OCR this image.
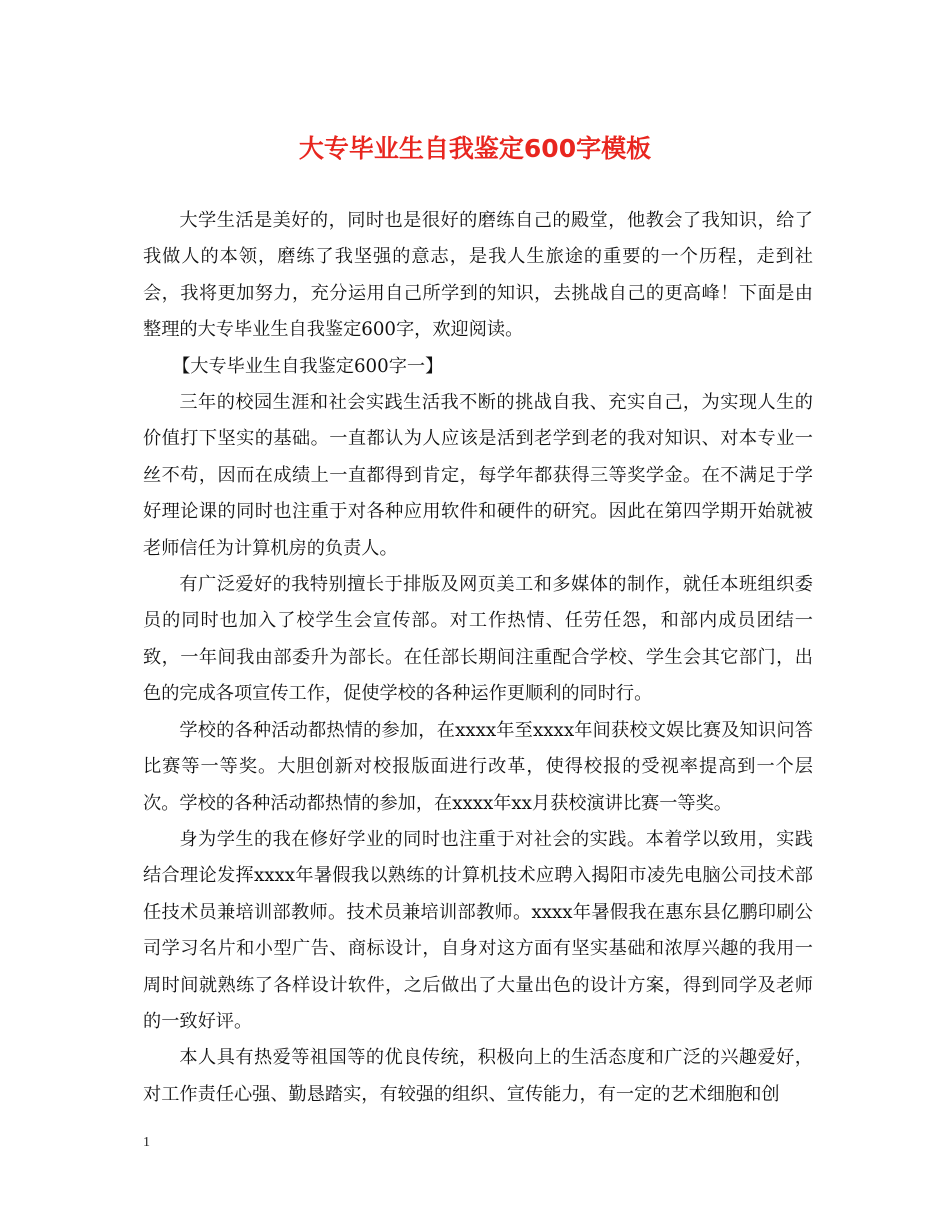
大专毕业生自我鉴定600字模板

大学生活是美好的，同时也是很好的磨练自己的殿堂，他教会了我知识，给了我做人的本领，磨练了我坚强的意志，是我人生旅途的重要的一个历程，走到社会，我将更加努力，充分运用自己所学到的知识，去挑战自己的更高峰！下面是由整理的大专毕业生自我鉴定600字，欢迎阅读。

【大专毕业生自我鉴定600字一】

三年的校园生涯和社会实践生活我不断的挑战自我、充实自己，为实现人生的价值打下坚实的基础。一直都认为人应该是活到老学到老的我对知识、对本专业一丝不苟，因而在成绩上一直都得到肯定，每学年都获得三等奖学金。在不满足于学好理论课的同时也注重于对各种应用软件和硬件的研究。因此在第四学期开始就被老师信任为计算机房的负责人。

有广泛爱好的我特别擅长于排版及网页美工和多媒体的制作，就任本班组织委员的同时也加入了校学生会宣传部。对工作热情、任劳任怨，和部内成员团结一致，一年间我由部委升为部长。在任部长期间注重配合学校、学生会其它部门，出色的完成各项宣传工作，促使学校的各种运作更顺利的同时行。

学校的各种活动都热情的参加，在xxxx年至xxxx年间获校文娱比赛及知识问答比赛等一等奖。大胆创新对校报版面进行改革，使得校报的受视率提高到一个层次。学校的各种活动都热情的参加，在xxxx年xx月获校演讲比赛一等奖。

身为学生的我在修好学业的同时也注重于对社会的实践。本着学以致用，实践结合理论发挥xxxx年暑假我以熟练的计算机技术应聘入揭阳市凌先电脑公司技术部任技术员兼培训部教师。技术员兼培训部教师。xxxx年暑假我在惠东县亿鹏印刷公司学习名片和小型广告、商标设计，自身对这方面有坚实基础和浓厚兴趣的我用一周时间就熟练了各样设计软件，之后做出了大量出色的设计方案，得到同学及老师的一致好评。

本人具有热爱等祖国等的优良传统，积极向上的生活态度和广泛的兴趣爱好，对工作责任心强、勤恳踏实，有较强的组织、宣传能力，有一定的艺术细胞和创

1
